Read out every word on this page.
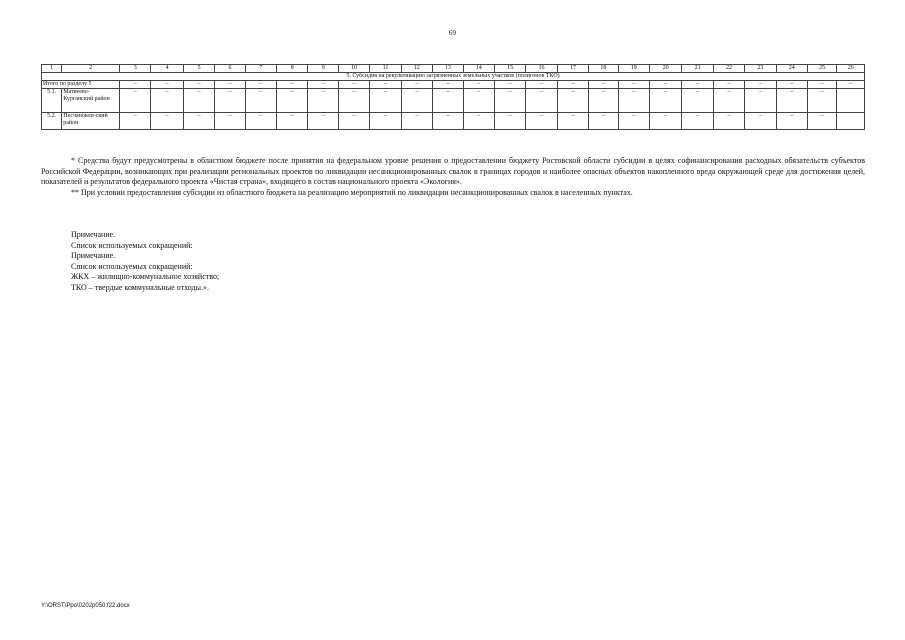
69
1	2	3	4	5	6	7	8	9	10	11	12	13	14	15	16	17	18	19	20	21	22	23	24	25	26
5. Субсидия на рекультивацию загрязненных земельных участков (полигонов ТКО)																									
Итого по разделу 5		–	–	–	–	–	–	–	–	–	–	–	–	–	–	–	–	–	–	–	–	–	–	–	–
5.1.	Матвеево-Курганский район	–	–	–	–	–	–	–	–	–	–	–	–	–	–	–	–	–	–	–	–	–	–	–	
5.2.	Песчанокоп-ский район	–	–	–	–	–	–	–	–	–	–	–	–	–	–	–	–	–	–	–	–	–	–	–	

* Средства будут предусмотрены в областном бюджете после принятия на федеральном уровне решения о предоставлении бюджету Ростовской области субсидии в целях софинансирования расходных обязательств субъектов Российской Федерации, возникающих при реализации региональных проектов по ликвидации несанкционированных свалок в границах городов и наиболее опасных объектов накопленного вреда окружающей среде для достижения целей, показателей и результатов федерального проекта «Чистая страна», входящего в состав национального проекта «Экология».

** При условии предоставления субсидии из областного бюджета на реализацию мероприятий по ликвидации несанкционированных свалок в населенных пунктах.

Примечание.
Список используемых сокращений:
Примечание.
Список используемых сокращений:
ЖКХ – жилищно-коммунальное хозяйство;
ТКО – твердые коммунальные отходы.».
Y:\ORST\Ppo\0202p050.f22.docx
